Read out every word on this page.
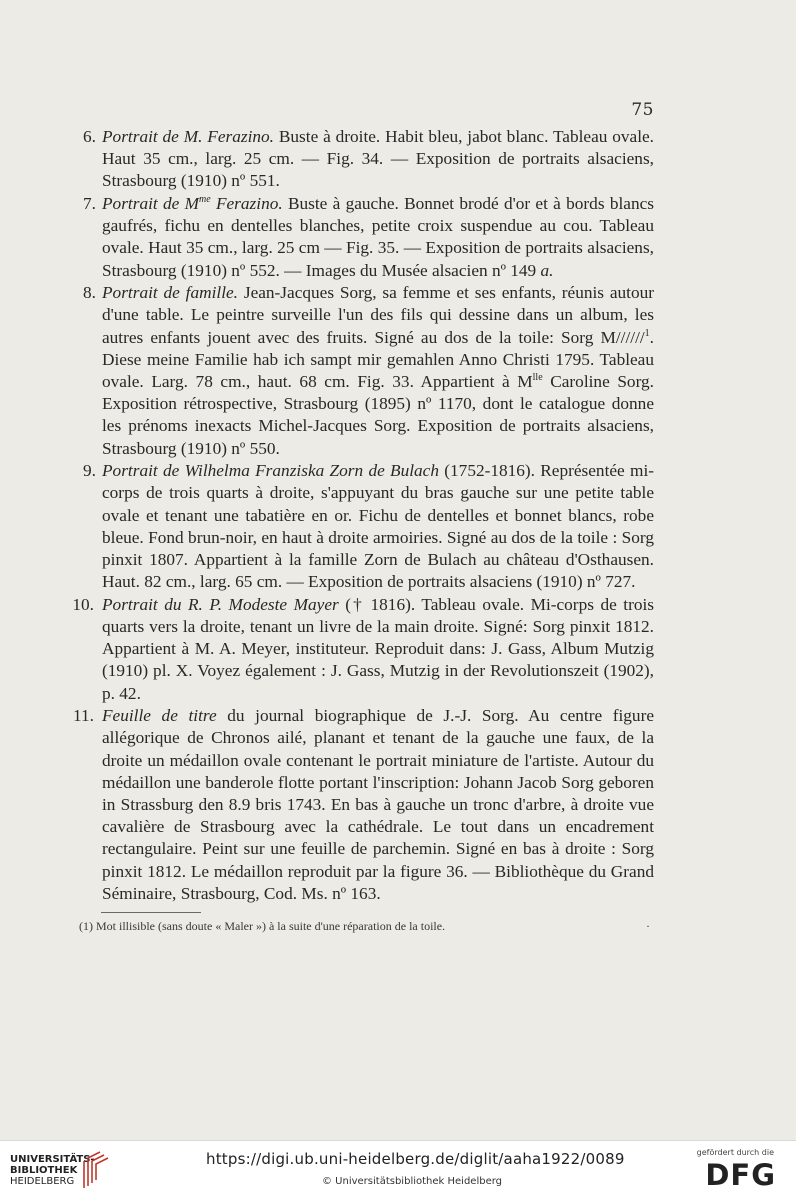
75

6. Portrait de M. Ferazino. Buste à droite. Habit bleu, jabot blanc. Tableau ovale. Haut 35 cm., larg. 25 cm. — Fig. 34. — Exposition de portraits alsaciens, Strasbourg (1910) nº 551.

7. Portrait de $M^{me}$ Ferazino. Buste à gauche. Bonnet brodé d'or et à bords blancs gaufrés, fichu en dentelles blanches, petite croix suspendue au cou. Tableau ovale. Haut 35 cm., larg. 25 cm — Fig. 35. — Exposition de portraits alsaciens, Strasbourg (1910) nº 552. — Images du Musée alsacien nº 149 a.

8. Portrait de famille. Jean-Jacques Sorg, sa femme et ses enfants, réunis autour d'une table. Le peintre surveille l'un des fils qui dessine dans un album, les autres enfants jouent avec des fruits. Signé au dos de la toile: Sorg M//////$^1$. Diese meine Familie hab ich sampt mir gemahlen Anno Christi 1795. Tableau ovale. Larg. 78 cm., haut. 68 cm. Fig. 33. Appartient à $M^{lle}$ Caroline Sorg. Exposition rétrospective, Strasbourg (1895) nº 1170, dont le catalogue donne les prénoms inexacts Michel-Jacques Sorg. Exposition de portraits alsaciens, Strasbourg (1910) nº 550.

9. Portrait de Wilhelma Franziska Zorn de Bulach (1752-1816). Représentée mi-corps de trois quarts à droite, s'appuyant du bras gauche sur une petite table ovale et tenant une tabatière en or. Fichu de dentelles et bonnet blancs, robe bleue. Fond brun-noir, en haut à droite armoiries. Signé au dos de la toile : Sorg pinxit 1807. Appartient à la famille Zorn de Bulach au château d'Osthausen. Haut. 82 cm., larg. 65 cm. — Exposition de portraits alsaciens (1910) nº 727.

10. Portrait du R. P. Modeste Mayer († 1816). Tableau ovale. Mi-corps de trois quarts vers la droite, tenant un livre de la main droite. Signé: Sorg pinxit 1812. Appartient à M. A. Meyer, instituteur. Reproduit dans: J. Gass, Album Mutzig (1910) pl. X. Voyez également : J. Gass, Mutzig in der Revolutionszeit (1902), p. 42.

11. Feuille de titre du journal biographique de J.-J. Sorg. Au centre figure allégorique de Chronos ailé, planant et tenant de la gauche une faux, de la droite un médaillon ovale contenant le portrait miniature de l'artiste. Autour du médaillon une banderole flotte portant l'inscription: Johann Jacob Sorg geboren in Strassburg den 8.9 bris 1743. En bas à gauche un tronc d'arbre, à droite vue cavalière de Strasbourg avec la cathédrale. Le tout dans un encadrement rectangulaire. Peint sur une feuille de parchemin. Signé en bas à droite : Sorg pinxit 1812. Le médaillon reproduit par la figure 36. — Bibliothèque du Grand Séminaire, Strasbourg, Cod. Ms. nº 163.

(1) Mot illisible (sans doute « Maler ») à la suite d'une réparation de la toile.	·
UNIVERSITÄTS-
BIBLIOTHEK
HEIDELBERG
https://digi.ub.uni-heidelberg.de/diglit/aaha1922/0089
© Universitätsbibliothek Heidelberg
gefördert durch die
DFG
